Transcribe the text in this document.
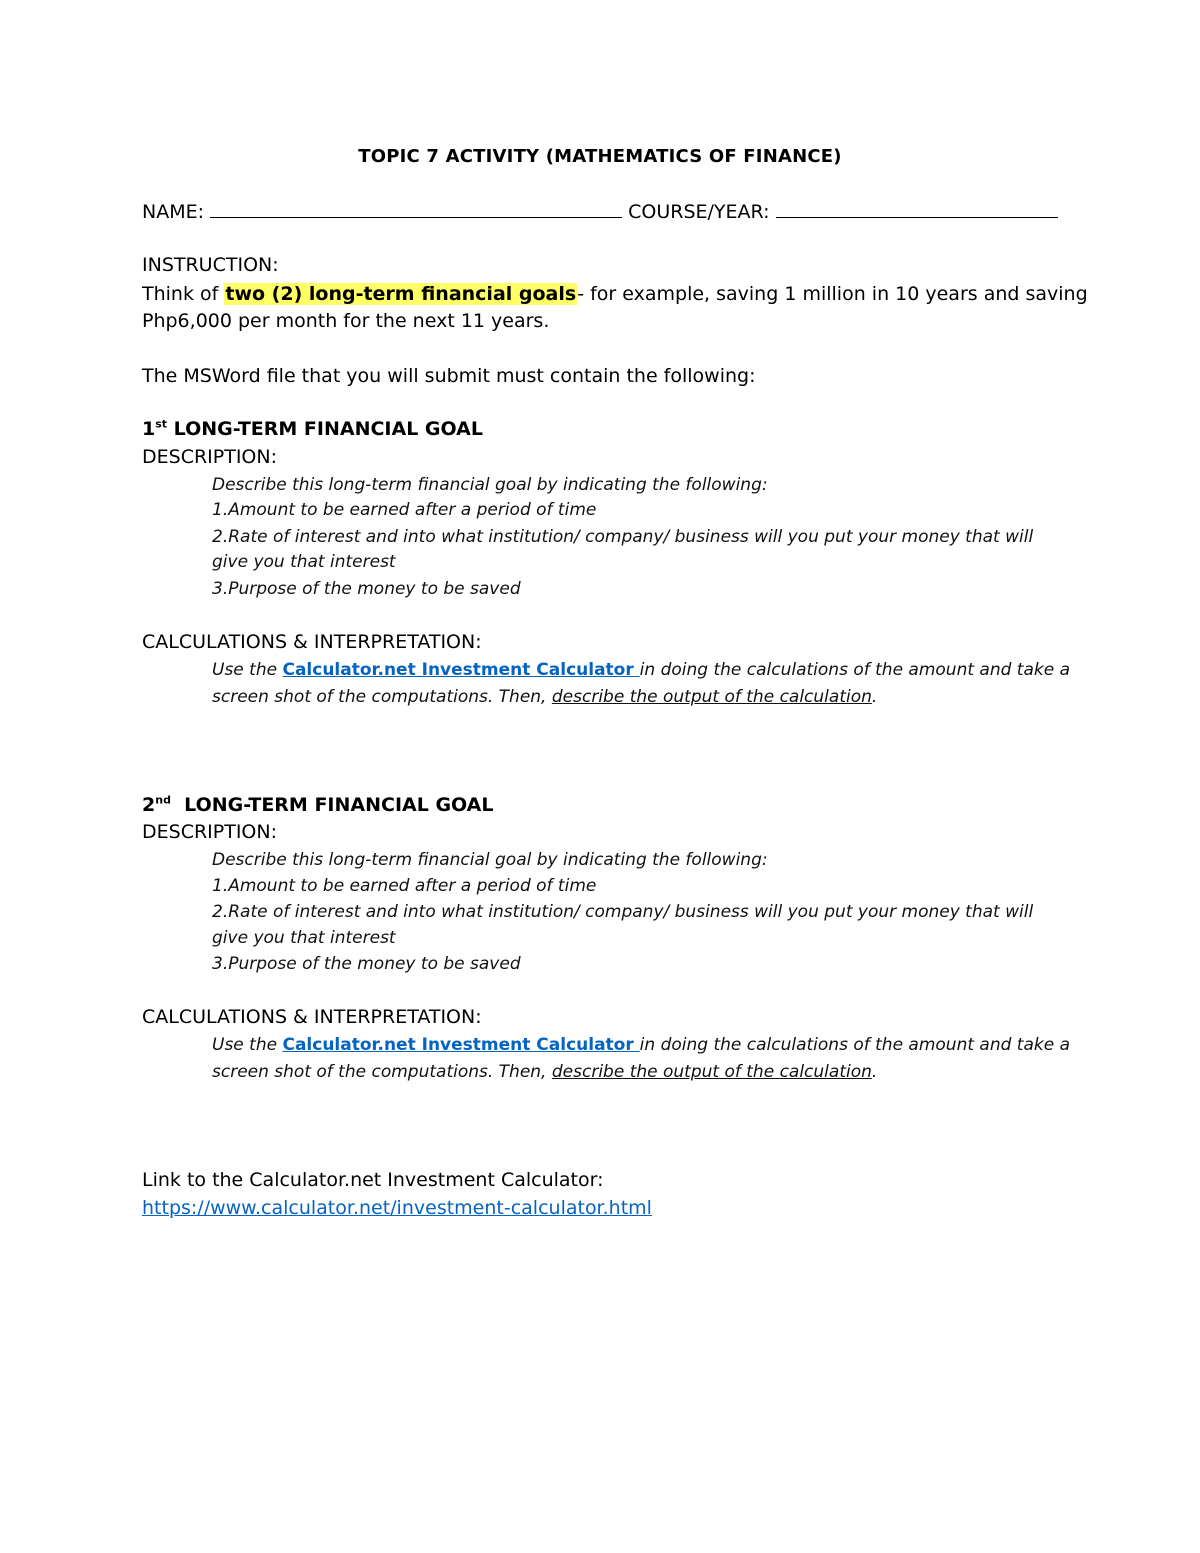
TOPIC 7 ACTIVITY (MATHEMATICS OF FINANCE)
NAME:	COURSE/YEAR:
INSTRUCTION:
Think of two (2) long-term financial goals- for example, saving 1 million in 10 years and saving
Php6,000 per month for the next 11 years.
The MSWord file that you will submit must contain the following:
1st LONG-TERM FINANCIAL GOAL
DESCRIPTION:
Describe this long-term financial goal by indicating the following:
1.Amount to be earned after a period of time
2.Rate of interest and into what institution/ company/ business will you put your money that will
give you that interest
3.Purpose of the money to be saved
CALCULATIONS & INTERPRETATION:
Use the Calculator.net Investment Calculator in doing the calculations of the amount and take a
screen shot of the computations. Then, describe the output of the calculation.
2nd  LONG-TERM FINANCIAL GOAL
DESCRIPTION:
Describe this long-term financial goal by indicating the following:
1.Amount to be earned after a period of time
2.Rate of interest and into what institution/ company/ business will you put your money that will
give you that interest
3.Purpose of the money to be saved
CALCULATIONS & INTERPRETATION:
Use the Calculator.net Investment Calculator in doing the calculations of the amount and take a
screen shot of the computations. Then, describe the output of the calculation.
Link to the Calculator.net Investment Calculator:
https://www.calculator.net/investment-calculator.html
